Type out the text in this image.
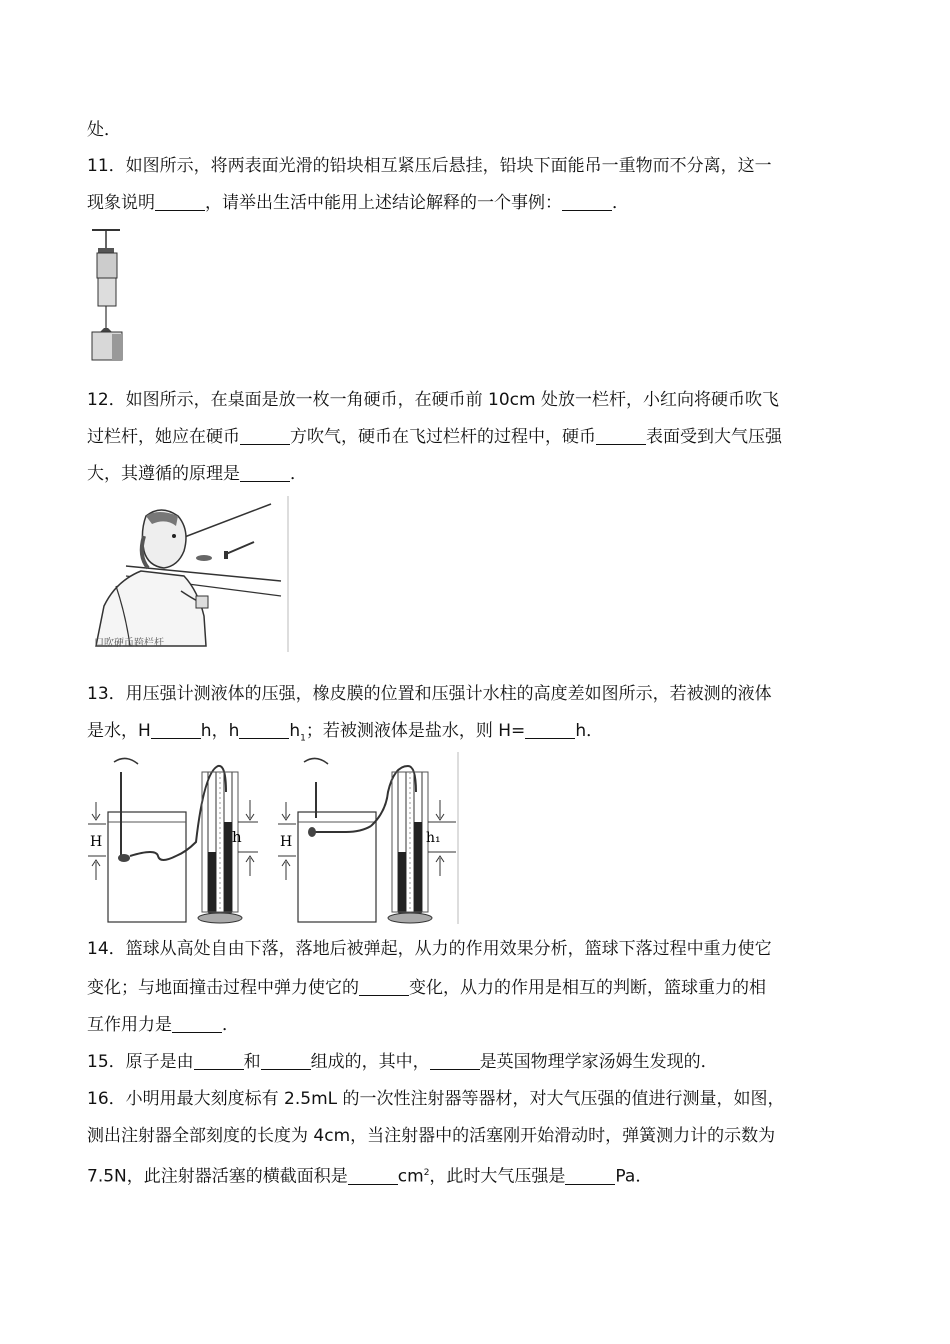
处．
11．如图所示，将两表面光滑的铅块相互紧压后悬挂，铅块下面能吊一重物而不分离，这一
现象说明	，请举出生活中能用上述结论解释的一个事例：	．
12．如图所示，在桌面是放一枚一角硬币，在硬币前 10cm 处放一栏杆，小红向将硬币吹飞
过栏杆，她应在硬币	方吹气，硬币在飞过栏杆的过程中，硬币	表面受到大气压强
大，其遵循的原理是	．
口吹硬币跨栏杆
13．用压强计测液体的压强，橡皮膜的位置和压强计水柱的高度差如图所示，若被测的液体
是水，H	h，h	$h_1$；若被测液体是盐水，则 H=	h．
H	h	H	h₁
14．篮球从高处自由下落，落地后被弹起，从力的作用效果分析，篮球下落过程中重力使它
变化；与地面撞击过程中弹力使它的	变化，从力的作用是相互的判断，篮球重力的相
互作用力是	．
15．原子是由	和	组成的，其中，	是英国物理学家汤姆生发现的．
16．小明用最大刻度标有 2.5mL 的一次性注射器等器材，对大气压强的值进行测量，如图，
测出注射器全部刻度的长度为 4cm，当注射器中的活塞刚开始滑动时，弹簧测力计的示数为
7.5N，此注射器活塞的横截面积是	$cm^2$，此时大气压强是	Pa．
